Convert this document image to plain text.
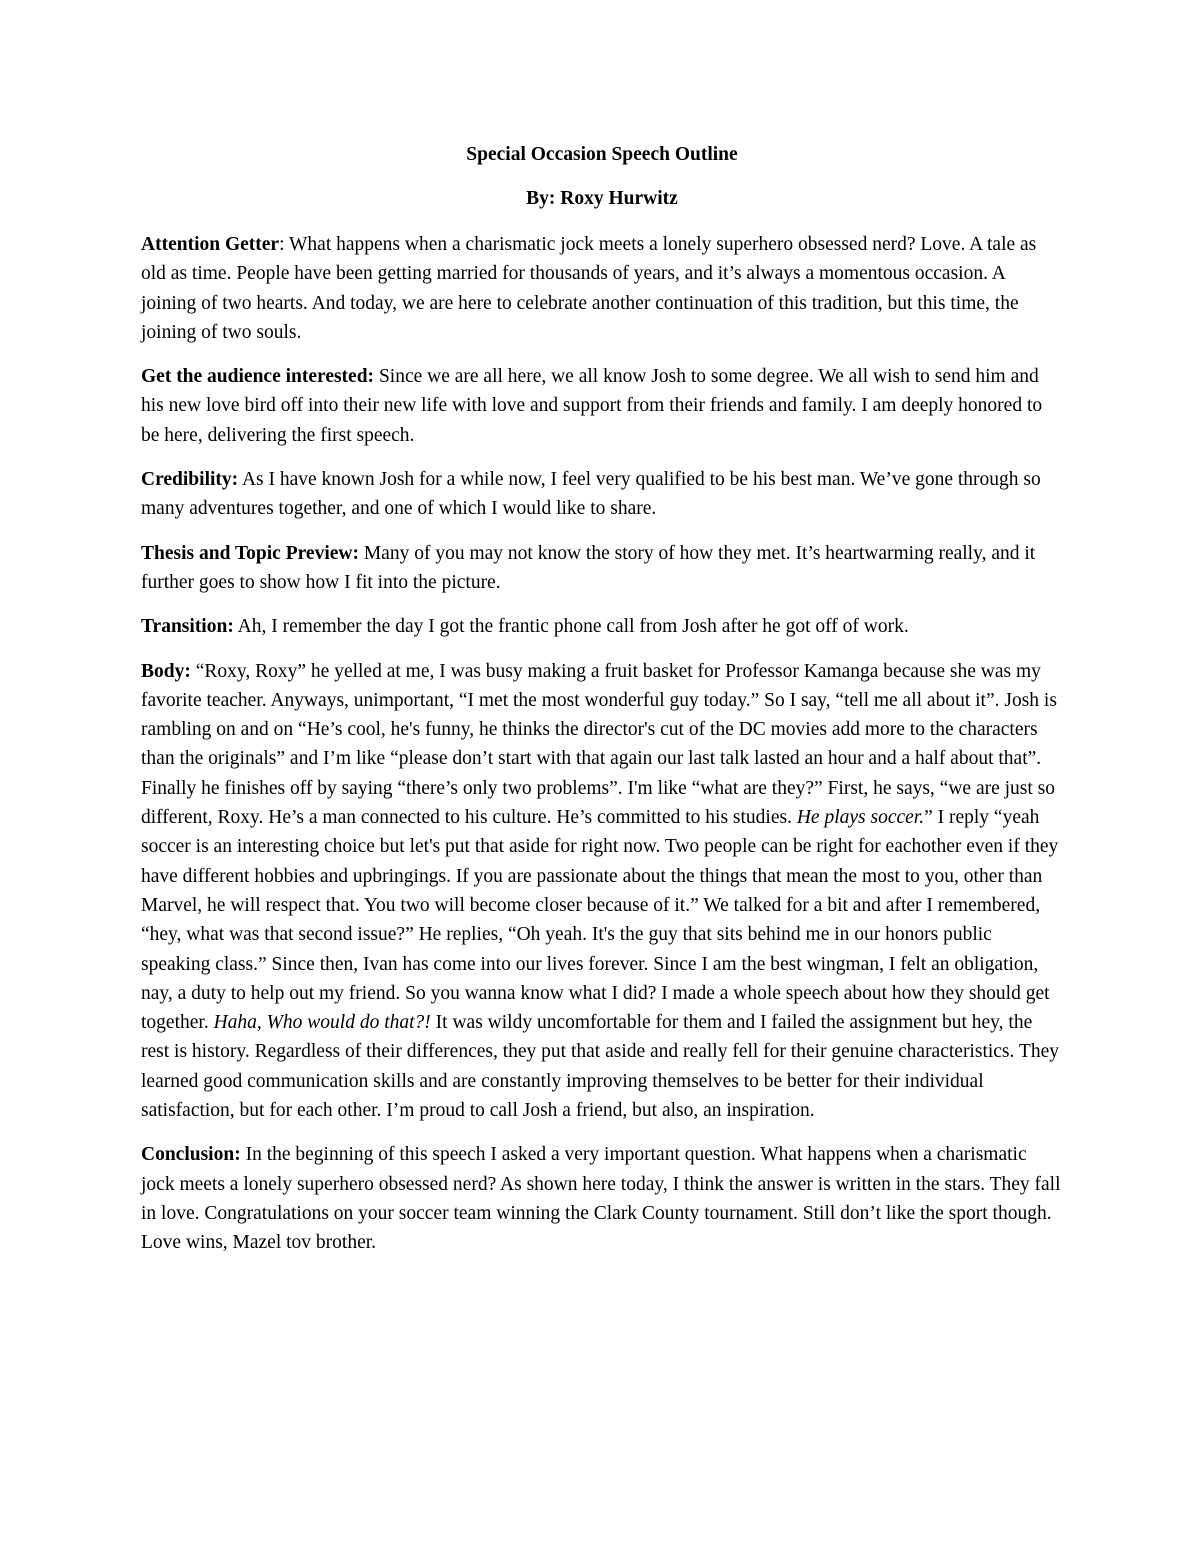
Special Occasion Speech Outline

By: Roxy Hurwitz

Attention Getter: What happens when a charismatic jock meets a lonely superhero obsessed nerd? Love. A tale as old as time. People have been getting married for thousands of years, and it’s always a momentous occasion. A joining of two hearts. And today, we are here to celebrate another continuation of this tradition, but this time, the joining of two souls.

Get the audience interested: Since we are all here, we all know Josh to some degree. We all wish to send him and his new love bird off into their new life with love and support from their friends and family. I am deeply honored to be here, delivering the first speech.

Credibility: As I have known Josh for a while now, I feel very qualified to be his best man. We’ve gone through so many adventures together, and one of which I would like to share.

Thesis and Topic Preview: Many of you may not know the story of how they met. It’s heartwarming really, and it further goes to show how I fit into the picture.

Transition: Ah, I remember the day I got the frantic phone call from Josh after he got off of work.

Body: “Roxy, Roxy” he yelled at me, I was busy making a fruit basket for Professor Kamanga because she was my favorite teacher. Anyways, unimportant, “I met the most wonderful guy today.” So I say, “tell me all about it”. Josh is rambling on and on “He’s cool, he's funny, he thinks the director's cut of the DC movies add more to the characters than the originals” and I’m like “please don’t start with that again our last talk lasted an hour and a half about that”. Finally he finishes off by saying “there’s only two problems”. I'm like “what are they?” First, he says, “we are just so different, Roxy. He’s a man connected to his culture. He’s committed to his studies. He plays soccer.” I reply “yeah soccer is an interesting choice but let's put that aside for right now. Two people can be right for eachother even if they have different hobbies and upbringings. If you are passionate about the things that mean the most to you, other than Marvel, he will respect that. You two will become closer because of it.” We talked for a bit and after I remembered, “hey, what was that second issue?” He replies, “Oh yeah. It's the guy that sits behind me in our honors public speaking class.” Since then, Ivan has come into our lives forever. Since I am the best wingman, I felt an obligation, nay, a duty to help out my friend. So you wanna know what I did? I made a whole speech about how they should get together. Haha, Who would do that?! It was wildy uncomfortable for them and I failed the assignment but hey, the rest is history. Regardless of their differences, they put that aside and really fell for their genuine characteristics. They learned good communication skills and are constantly improving themselves to be better for their individual satisfaction, but for each other. I’m proud to call Josh a friend, but also, an inspiration.

Conclusion: In the beginning of this speech I asked a very important question. What happens when a charismatic jock meets a lonely superhero obsessed nerd? As shown here today, I think the answer is written in the stars. They fall in love. Congratulations on your soccer team winning the Clark County tournament. Still don’t like the sport though. Love wins, Mazel tov brother.
